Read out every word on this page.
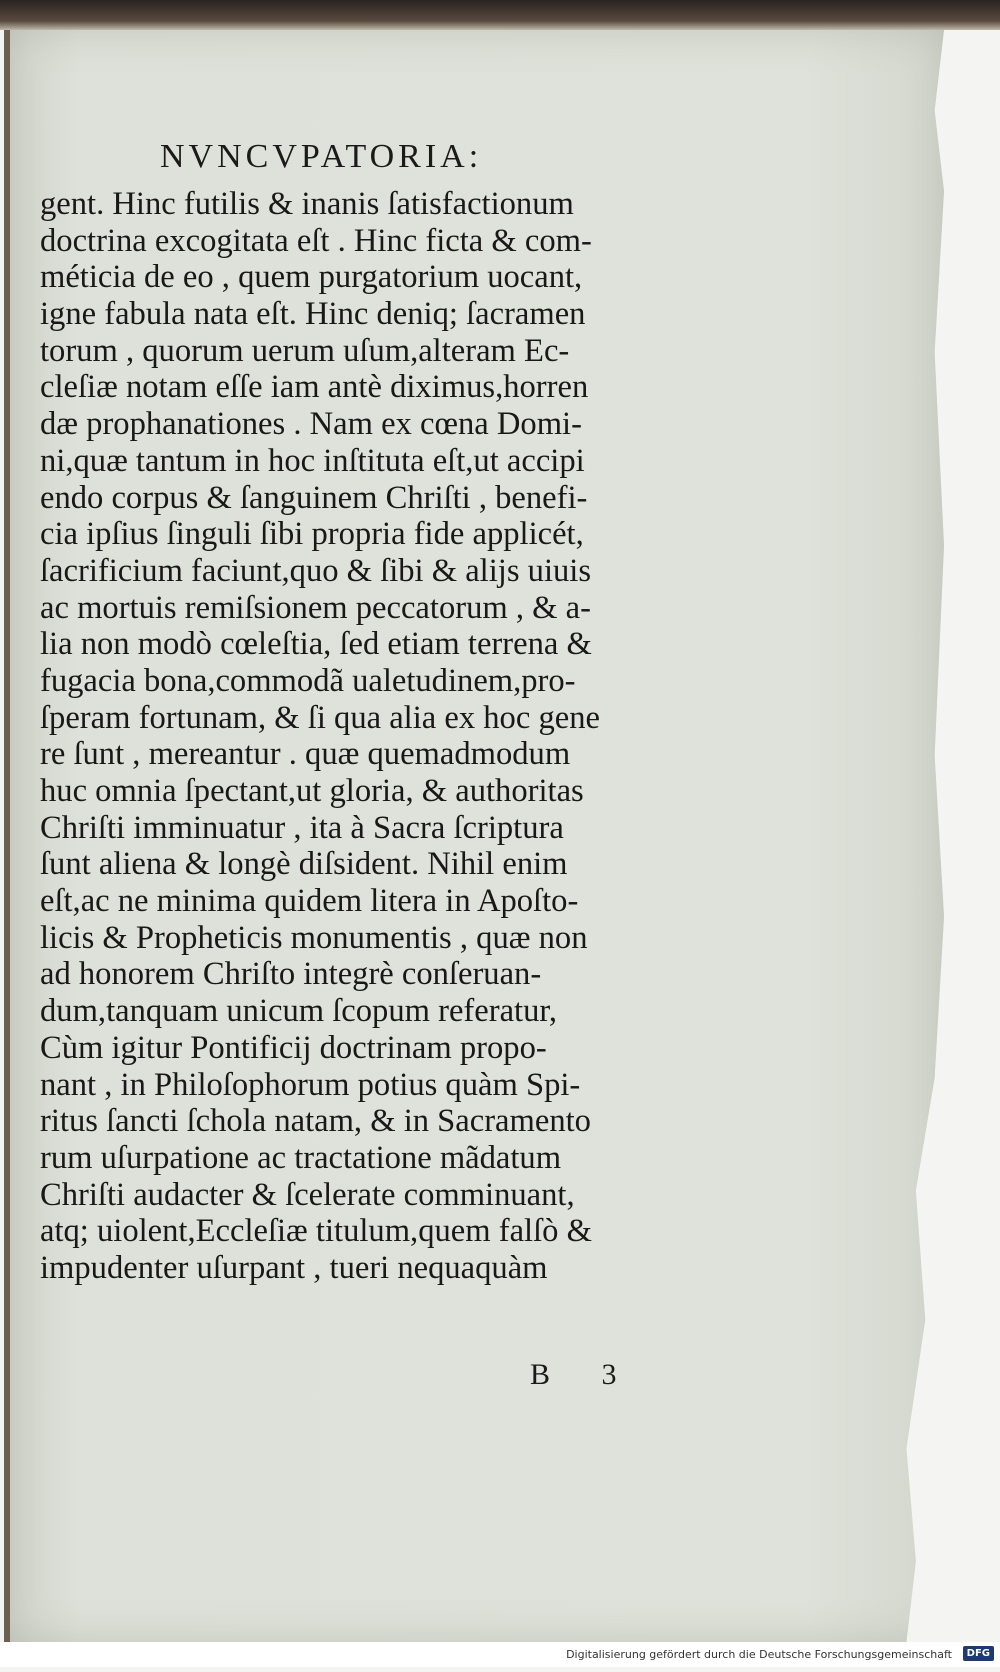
NVNCVPATORIA:
gent. Hinc futilis & inanis ſatisfactionum
doctrina excogitata eſt . Hinc ficta & com-
méticia de eo , quem purgatorium uocant,
igne fabula nata eſt. Hinc deniq; ſacramen
torum , quorum uerum uſum,alteram Ec-
cleſiæ notam eſſe iam antè diximus,horren
dæ prophanationes . Nam ex cœna Domi-
ni,quæ tantum in hoc inſtituta eſt,ut accipi
endo corpus & ſanguinem Chriſti , benefi-
cia ipſius ſinguli ſibi propria fide applicét,
ſacrificium faciunt,quo & ſibi & alijs uiuis
ac mortuis remiſsionem peccatorum , & a-
lia non modò cœleſtia, ſed etiam terrena &
fugacia bona,commodã ualetudinem,pro-
ſperam fortunam, & ſi qua alia ex hoc gene
re ſunt , mereantur . quæ quemadmodum
huc omnia ſpectant,ut gloria, & authoritas
Chriſti imminuatur , ita à Sacra ſcriptura
ſunt aliena & longè diſsident. Nihil enim
eſt,ac ne minima quidem litera in Apoſto-
licis & Propheticis monumentis , quæ non
ad honorem Chriſto integrè conſeruan-
dum,tanquam unicum ſcopum referatur,
Cùm igitur Pontificij doctrinam propo-
nant , in Philoſophorum potius quàm Spi-
ritus ſancti ſchola natam, & in Sacramento
rum uſurpatione ac tractatione mãdatum
Chriſti audacter & ſcelerate comminuant,
atq; uiolent,Eccleſiæ titulum,quem falſò &
impudenter uſurpant , tueri nequaquàm
B 3
Digitalisierung gefördert durch die Deutsche Forschungsgemeinschaft	DFG
